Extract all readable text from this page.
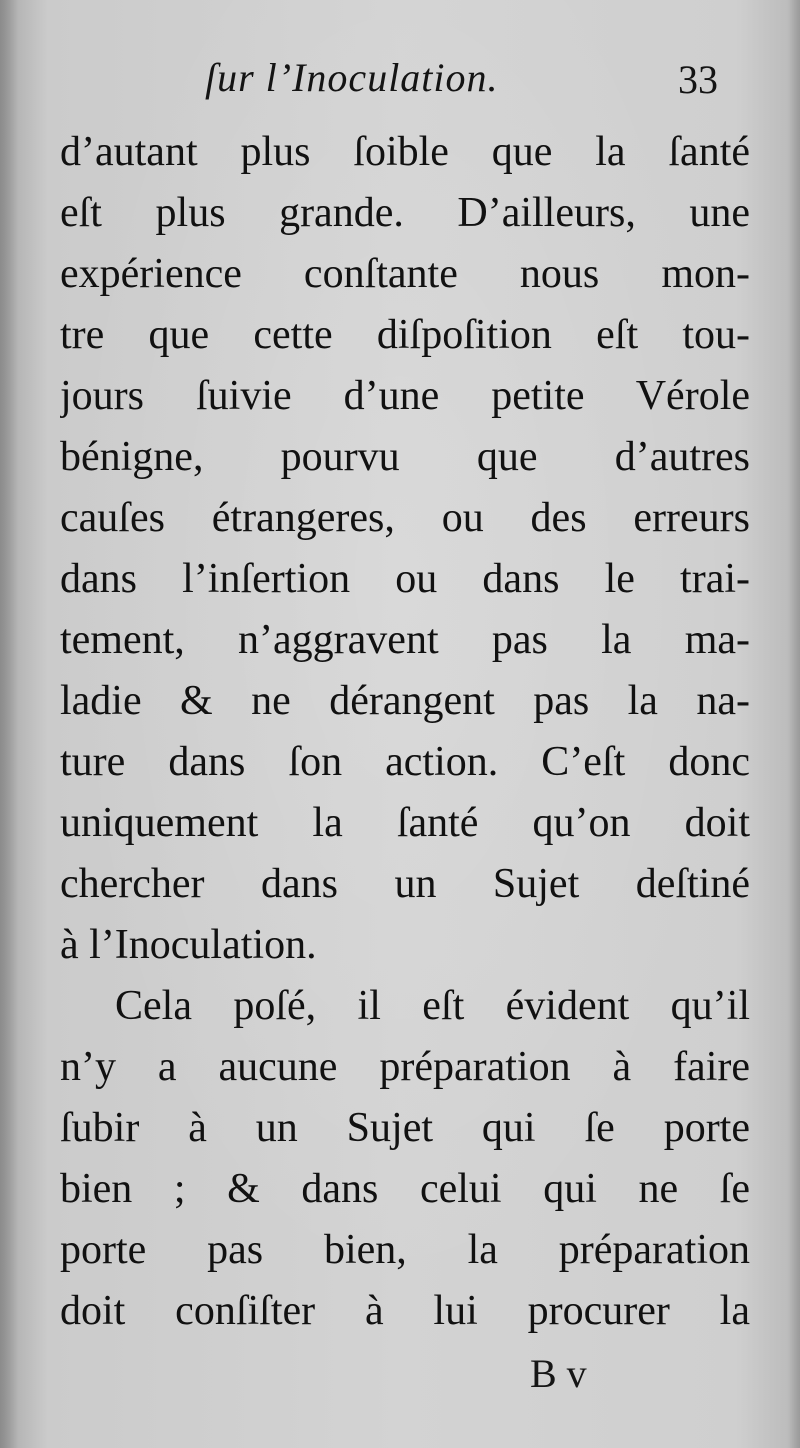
ſur l’Inoculation.	33
d’autant plus ſoible que la ſanté
eſt plus grande. D’ailleurs, une
expérience conſtante nous mon-
tre que cette diſpoſition eſt tou-
jours ſuivie d’une petite Vérole
bénigne, pourvu que d’autres
cauſes étrangeres, ou des erreurs
dans l’inſertion ou dans le trai-
tement, n’aggravent pas la ma-
ladie & ne dérangent pas la na-
ture dans ſon action. C’eſt donc
uniquement la ſanté qu’on doit
chercher dans un Sujet deſtiné
à l’Inoculation.
Cela poſé, il eſt évident qu’il
n’y a aucune préparation à faire
ſubir à un Sujet qui ſe porte
bien ; & dans celui qui ne ſe
porte pas bien, la préparation
doit conſiſter à lui procurer la
B v
